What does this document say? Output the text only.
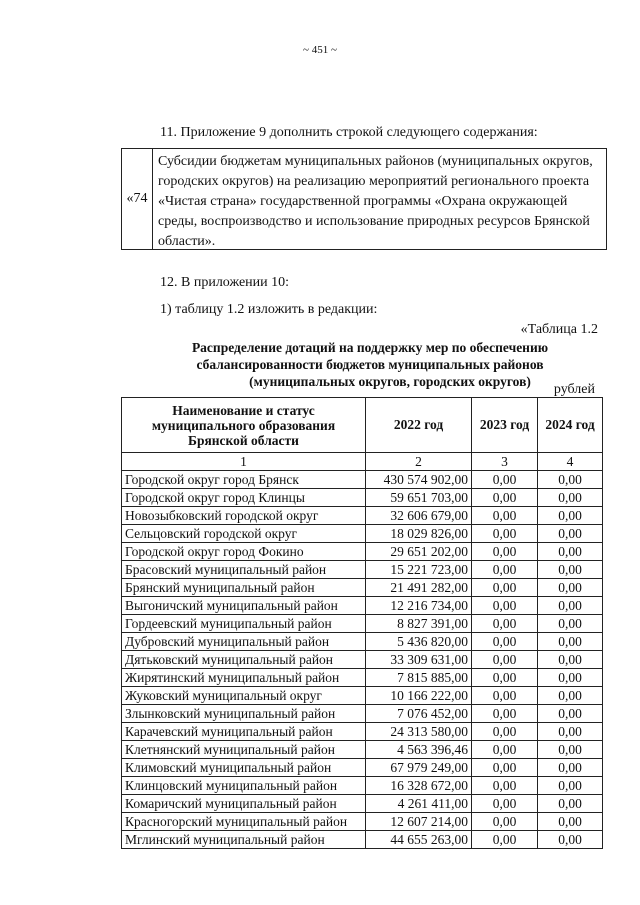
~ 451 ~
11. Приложение 9 дополнить строкой следующего содержания:
«74
Субсидии бюджетам муниципальных районов (муниципальных округов,
городских округов) на реализацию мероприятий регионального проекта
«Чистая страна» государственной программы «Охрана окружающей
среды, воспроизводство и использование природных ресурсов Брянской
области».
12. В приложении 10:
1) таблицу 1.2 изложить в редакции:
«Таблица 1.2
Распределение дотаций на поддержку мер по обеспечению
сбалансированности бюджетов муниципальных районов
(муниципальных округов, городских округов)
рублей
Наименование и статус муниципального образования Брянской области	2022 год	2023 год	2024 год
1	2	3	4
Городской округ город Брянск	430 574 902,00	0,00	0,00
Городской округ город Клинцы	59 651 703,00	0,00	0,00
Новозыбковский городской округ	32 606 679,00	0,00	0,00
Сельцовский городской округ	18 029 826,00	0,00	0,00
Городской округ город Фокино	29 651 202,00	0,00	0,00
Брасовский муниципальный район	15 221 723,00	0,00	0,00
Брянский муниципальный район	21 491 282,00	0,00	0,00
Выгоничский муниципальный район	12 216 734,00	0,00	0,00
Гордеевский муниципальный район	8 827 391,00	0,00	0,00
Дубровский муниципальный район	5 436 820,00	0,00	0,00
Дятьковский муниципальный район	33 309 631,00	0,00	0,00
Жирятинский муниципальный район	7 815 885,00	0,00	0,00
Жуковский муниципальный округ	10 166 222,00	0,00	0,00
Злынковский муниципальный район	7 076 452,00	0,00	0,00
Карачевский муниципальный район	24 313 580,00	0,00	0,00
Клетнянский муниципальный район	4 563 396,46	0,00	0,00
Климовский муниципальный район	67 979 249,00	0,00	0,00
Клинцовский муниципальный район	16 328 672,00	0,00	0,00
Комаричский муниципальный район	4 261 411,00	0,00	0,00
Красногорский муниципальный район	12 607 214,00	0,00	0,00
Мглинский муниципальный район	44 655 263,00	0,00	0,00
